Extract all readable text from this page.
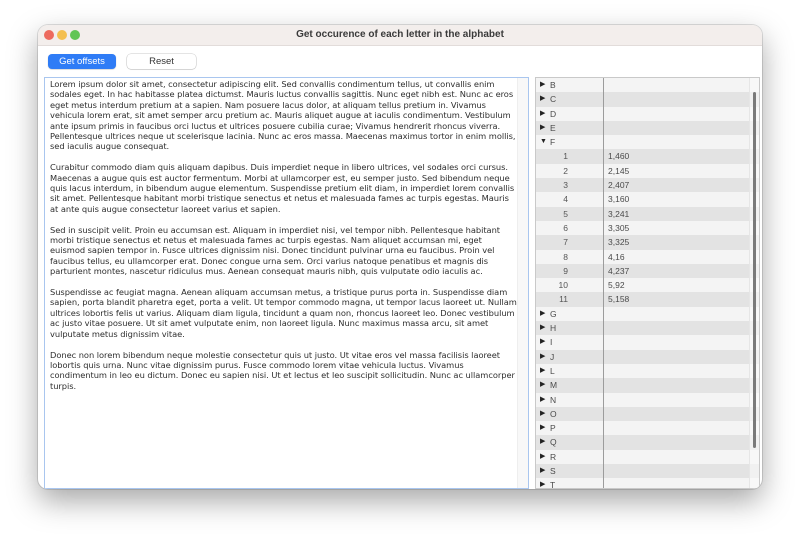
Get occurence of each letter in the alphabet
Get offsets	Reset

Lorem ipsum dolor sit amet, consectetur adipiscing elit. Sed convallis condimentum tellus, ut convallis enim sodales eget. In hac habitasse platea dictumst. Mauris luctus convallis sagittis. Nunc eget nibh est. Nunc ac eros eget metus interdum pretium at a sapien. Nam posuere lacus dolor, at aliquam tellus pretium in. Vivamus vehicula lorem erat, sit amet semper arcu pretium ac. Mauris aliquet augue at iaculis condimentum. Vestibulum ante ipsum primis in faucibus orci luctus et ultrices posuere cubilia curae; Vivamus hendrerit rhoncus viverra. Pellentesque ultrices neque ut scelerisque lacinia. Nunc ac eros massa. Maecenas maximus tortor in enim mollis, sed iaculis augue consequat.

Curabitur commodo diam quis aliquam dapibus. Duis imperdiet neque in libero ultrices, vel sodales orci cursus. Maecenas a augue quis est auctor fermentum. Morbi at ullamcorper est, eu semper justo. Sed bibendum neque quis lacus interdum, in bibendum augue elementum. Suspendisse pretium elit diam, in imperdiet lorem convallis sit amet. Pellentesque habitant morbi tristique senectus et netus et malesuada fames ac turpis egestas. Mauris at ante quis augue consectetur laoreet varius et sapien.

Sed in suscipit velit. Proin eu accumsan est. Aliquam in imperdiet nisi, vel tempor nibh. Pellentesque habitant morbi tristique senectus et netus et malesuada fames ac turpis egestas. Nam aliquet accumsan mi, eget euismod sapien tempor in. Fusce ultrices dignissim nisi. Donec tincidunt pulvinar urna eu faucibus. Proin vel faucibus tellus, eu ullamcorper erat. Donec congue urna sem. Orci varius natoque penatibus et magnis dis parturient montes, nascetur ridiculus mus. Aenean consequat mauris nibh, quis vulputate odio iaculis ac.

Suspendisse ac feugiat magna. Aenean aliquam accumsan metus, a tristique purus porta in. Suspendisse diam sapien, porta blandit pharetra eget, porta a velit. Ut tempor commodo magna, ut tempor lacus laoreet ut. Nullam ultrices lobortis felis ut varius. Aliquam diam ligula, tincidunt a quam non, rhoncus laoreet leo. Donec vestibulum ac justo vitae posuere. Ut sit amet vulputate enim, non laoreet ligula. Nunc maximus massa arcu, sit amet vulputate metus dignissim vitae.

Donec non lorem bibendum neque molestie consectetur quis ut justo. Ut vitae eros vel massa facilisis laoreet lobortis quis urna. Nunc vitae dignissim purus. Fusce commodo lorem vitae vehicula luctus. Vivamus condimentum in leo eu dictum. Donec eu sapien nisi. Ut et lectus et leo suscipit sollicitudin. Nunc ac ullamcorper turpis.

▶ B
▶ C
▶ D
▶ E
▼ F
1	1,460
2	2,145
3	2,407
4	3,160
5	3,241
6	3,305
7	3,325
8	4,16
9	4,237
10	5,92
11	5,158
▶ G
▶ H
▶ I
▶ J
▶ L
▶ M
▶ N
▶ O
▶ P
▶ Q
▶ R
▶ S
▶ T
